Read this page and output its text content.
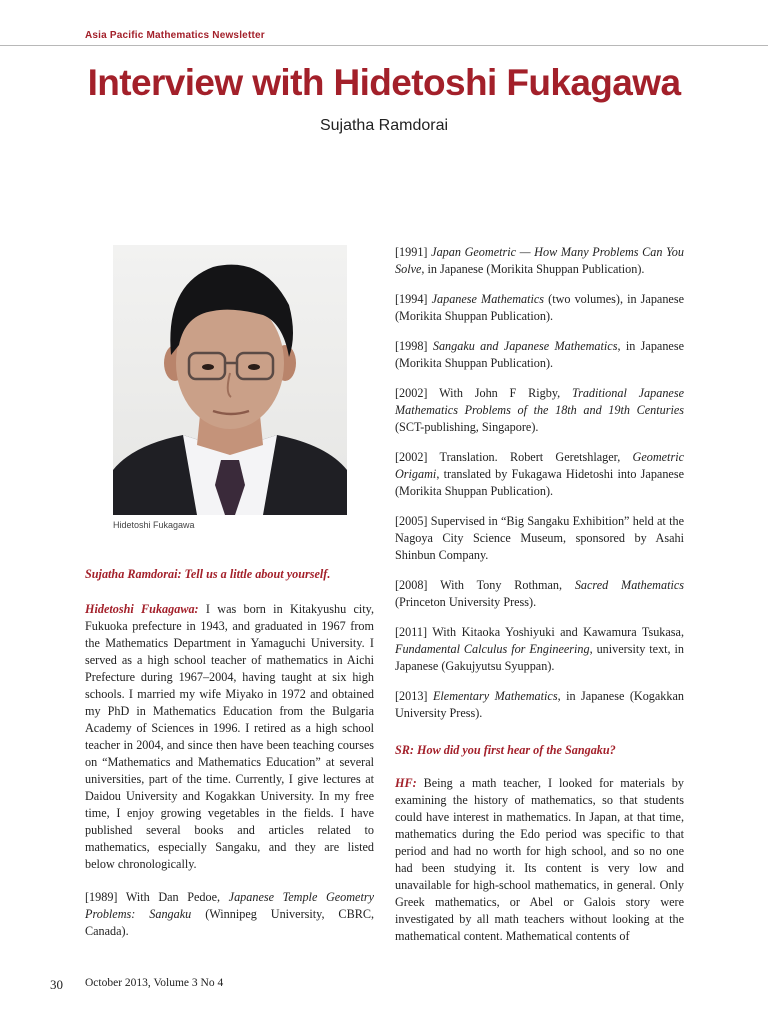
Asia Pacific Mathematics Newsletter
Interview with Hidetoshi Fukagawa
Sujatha Ramdorai
Hidetoshi Fukagawa

Sujatha Ramdorai: Tell us a little about yourself.

Hidetoshi Fukagawa: I was born in Kitakyushu city, Fukuoka prefecture in 1943, and graduated in 1967 from the Mathematics Department in Yamaguchi University. I served as a high school teacher of mathematics in Aichi Prefecture during 1967–2004, having taught at six high schools. I married my wife Miyako in 1972 and obtained my PhD in Mathematics Education from the Bulgaria Academy of Sciences in 1996. I retired as a high school teacher in 2004, and since then have been teaching courses on “Mathematics and Mathematics Education” at several universities, part of the time. Currently, I give lectures at Daidou University and Kogakkan University. In my free time, I enjoy growing vegetables in the fields. I have published several books and articles related to mathematics, especially Sangaku, and they are listed below chronologically.

[1989] With Dan Pedoe, Japanese Temple Geometry Problems: Sangaku (Winnipeg University, CBRC, Canada).

[1991] Japan Geometric — How Many Problems Can You Solve, in Japanese (Morikita Shuppan Publication).

[1994] Japanese Mathematics (two volumes), in Japanese (Morikita Shuppan Publication).

[1998] Sangaku and Japanese Mathematics, in Japanese (Morikita Shuppan Publication).

[2002] With John F Rigby, Traditional Japanese Mathematics Problems of the 18th and 19th Centuries (SCT-publishing, Singapore).

[2002] Translation. Robert Geretshlager, Geometric Origami, translated by Fukagawa Hidetoshi into Japanese (Morikita Shuppan Publication).

[2005] Supervised in “Big Sangaku Exhibition” held at the Nagoya City Science Museum, sponsored by Asahi Shinbun Company.

[2008] With Tony Rothman, Sacred Mathematics (Princeton University Press).

[2011] With Kitaoka Yoshiyuki and Kawamura Tsukasa, Fundamental Calculus for Engineering, university text, in Japanese (Gakujyutsu Syuppan).

[2013] Elementary Mathematics, in Japanese (Kogakkan University Press).

SR: How did you first hear of the Sangaku?

HF: Being a math teacher, I looked for materials by examining the history of mathematics, so that students could have interest in mathematics. In Japan, at that time, mathematics during the Edo period was specific to that period and had no worth for high school, and so no one had been studying it. Its content is very low and unavailable for high-school mathematics, in general. Only Greek mathematics, or Abel or Galois story were investigated by all math teachers without looking at the mathematical content. Mathematical contents of

30 October 2013, Volume 3 No 4
